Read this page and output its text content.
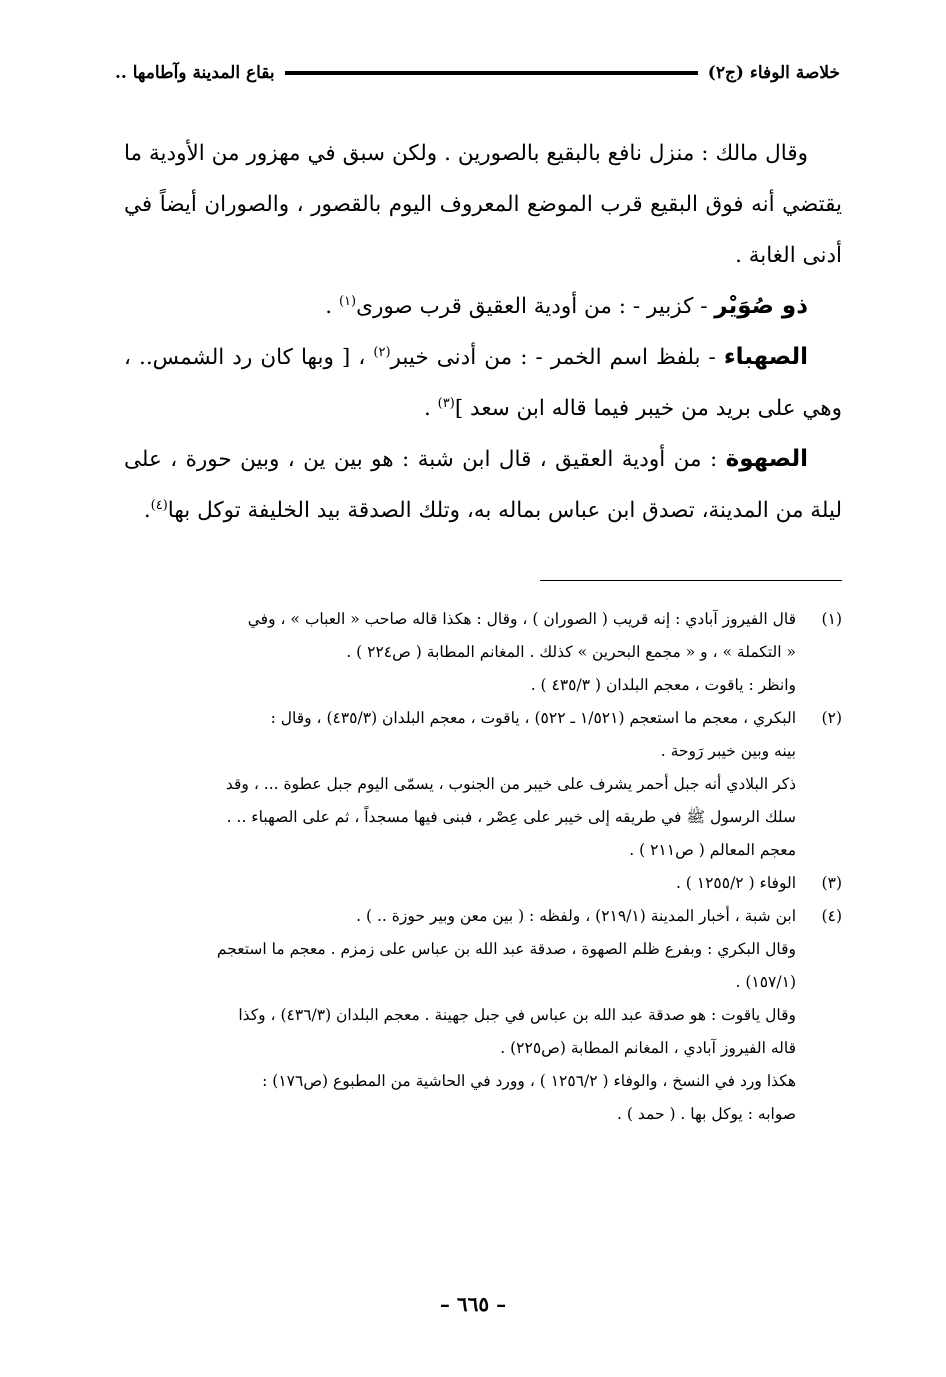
خلاصة الوفاء (ج٢)
بقاع المدينة وآطامها ..

وقال مالك : منزل نافع بالبقيع بالصورين . ولكن سبق في مهزور من الأودية ما يقتضي أنه فوق البقيع قرب الموضع المعروف اليوم بالقصور ، والصوران أيضاً في أدنى الغابة .

ذو صُوَيْر - كزبير - : من أودية العقيق قرب صورى$^{(١)}$ .

الصهباء - بلفظ اسم الخمر - : من أدنى خيبر$^{(٢)}$ ، [ وبها كان رد الشمس.. ، وهي على بريد من خيبر فيما قاله ابن سعد ]$^{(٣)}$ .

الصهوة : من أودية العقيق ، قال ابن شبة : هو بين ين ، وبين حورة ، على ليلة من المدينة، تصدق ابن عباس بماله به، وتلك الصدقة بيد الخليفة توكل بها$^{(٤)}$.

(١)

قال الفيروز آبادي : إنه قريب ( الصوران ) ، وقال : هكذا قاله صاحب « العباب » ، وفي

« التكملة » ، و « مجمع البحرين » كذلك . المغانم المطابة ( ص٢٢٤ ) .

وانظر : ياقوت ، معجم البلدان ( ٤٣٥/٣ ) .

(٢)

البكري ، معجم ما استعجم (١/٥٢١ ـ ٥٢٢) ، ياقوت ، معجم البلدان (٤٣٥/٣) ، وقال :

بينه وبين خيبر رَوحة .

ذكر البلادي أنه جبل أحمر يشرف على خيبر من الجنوب ، يسمّى اليوم جبل عطوة ... ، وقد

سلك الرسول ﷺ في طريقه إلى خيبر على عِصْر ، فبنى فيها مسجداً ، ثم على الصهباء .. .

معجم المعالم ( ص٢١١ ) .

(٣)

الوفاء ( ١٢٥٥/٢ ) .

(٤)

ابن شبة ، أخبار المدينة (٢١٩/١) ، ولفظه : ( بين معن وبير حوزة .. ) .

وقال البكري : وبفرع ظلم الصهوة ، صدقة عبد الله بن عباس على زمزم . معجم ما استعجم

(١٥٧/١) .

وقال ياقوت : هو صدقة عبد الله بن عباس في جبل جهينة . معجم البلدان (٤٣٦/٣) ، وكذا

قاله الفيروز آبادي ، المغانم المطابة (ص٢٢٥) .

هكذا ورد في النسخ ، والوفاء ( ١٢٥٦/٢ ) ، وورد في الحاشية من المطبوع (ص١٧٦) :

صوابه : يوكل بها . ( حمد ) .

– ٦٦٥ –
